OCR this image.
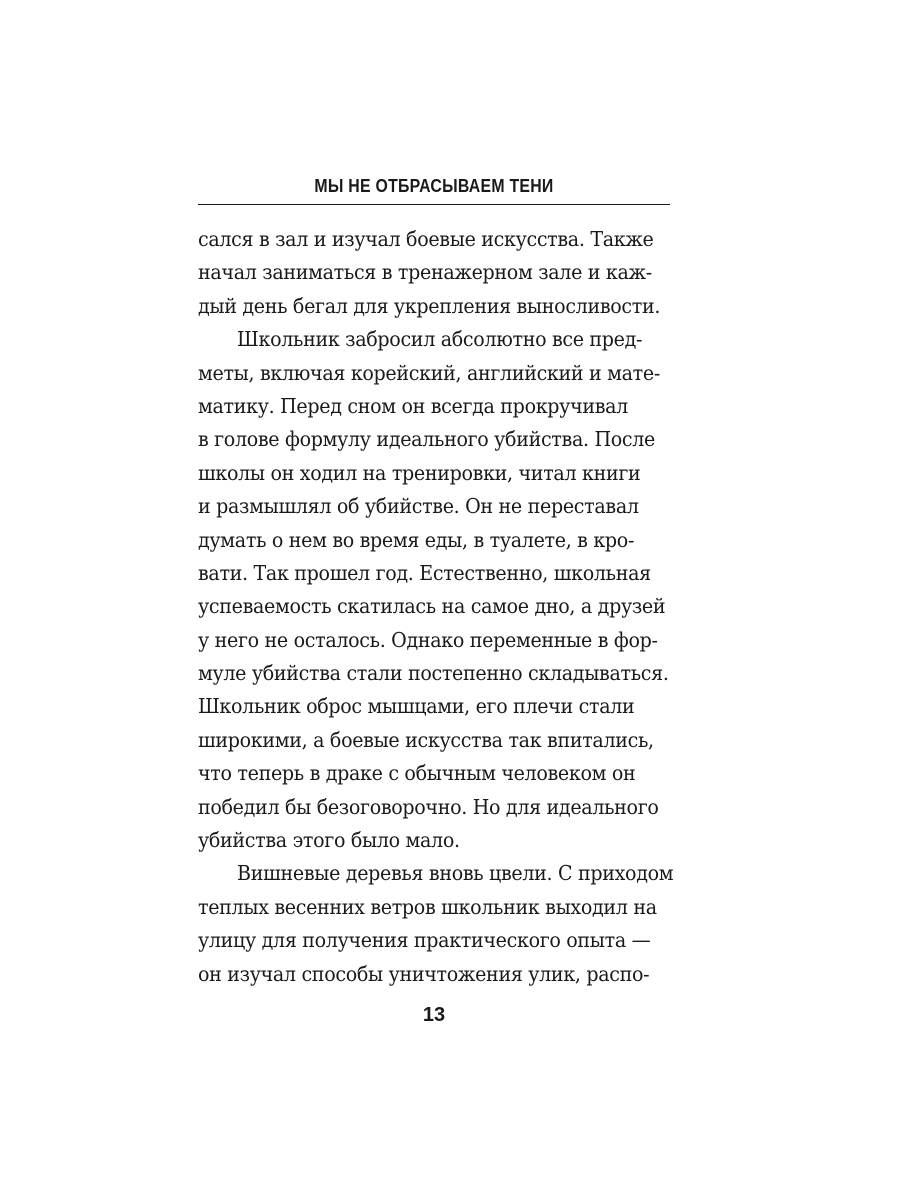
МЫ НЕ ОТБРАСЫВАЕМ ТЕНИ
сался в зал и изучал боевые искусства. Также
начал заниматься в тренажерном зале и каж-
дый день бегал для укрепления выносливости.
Школьник забросил абсолютно все пред-
меты, включая корейский, английский и мате-
матику. Перед сном он всегда прокручивал
в голове формулу идеального убийства. После
школы он ходил на тренировки, читал книги
и размышлял об убийстве. Он не переставал
думать о нем во время еды, в туалете, в кро-
вати. Так прошел год. Естественно, школьная
успеваемость скатилась на самое дно, а друзей
у него не осталось. Однако переменные в фор-
муле убийства стали постепенно складываться.
Школьник оброс мышцами, его плечи стали
широкими, а боевые искусства так впитались,
что теперь в драке с обычным человеком он
победил бы безоговорочно. Но для идеального
убийства этого было мало.
Вишневые деревья вновь цвели. С приходом
теплых весенних ветров школьник выходил на
улицу для получения практического опыта —
он изучал способы уничтожения улик, распо-
13
